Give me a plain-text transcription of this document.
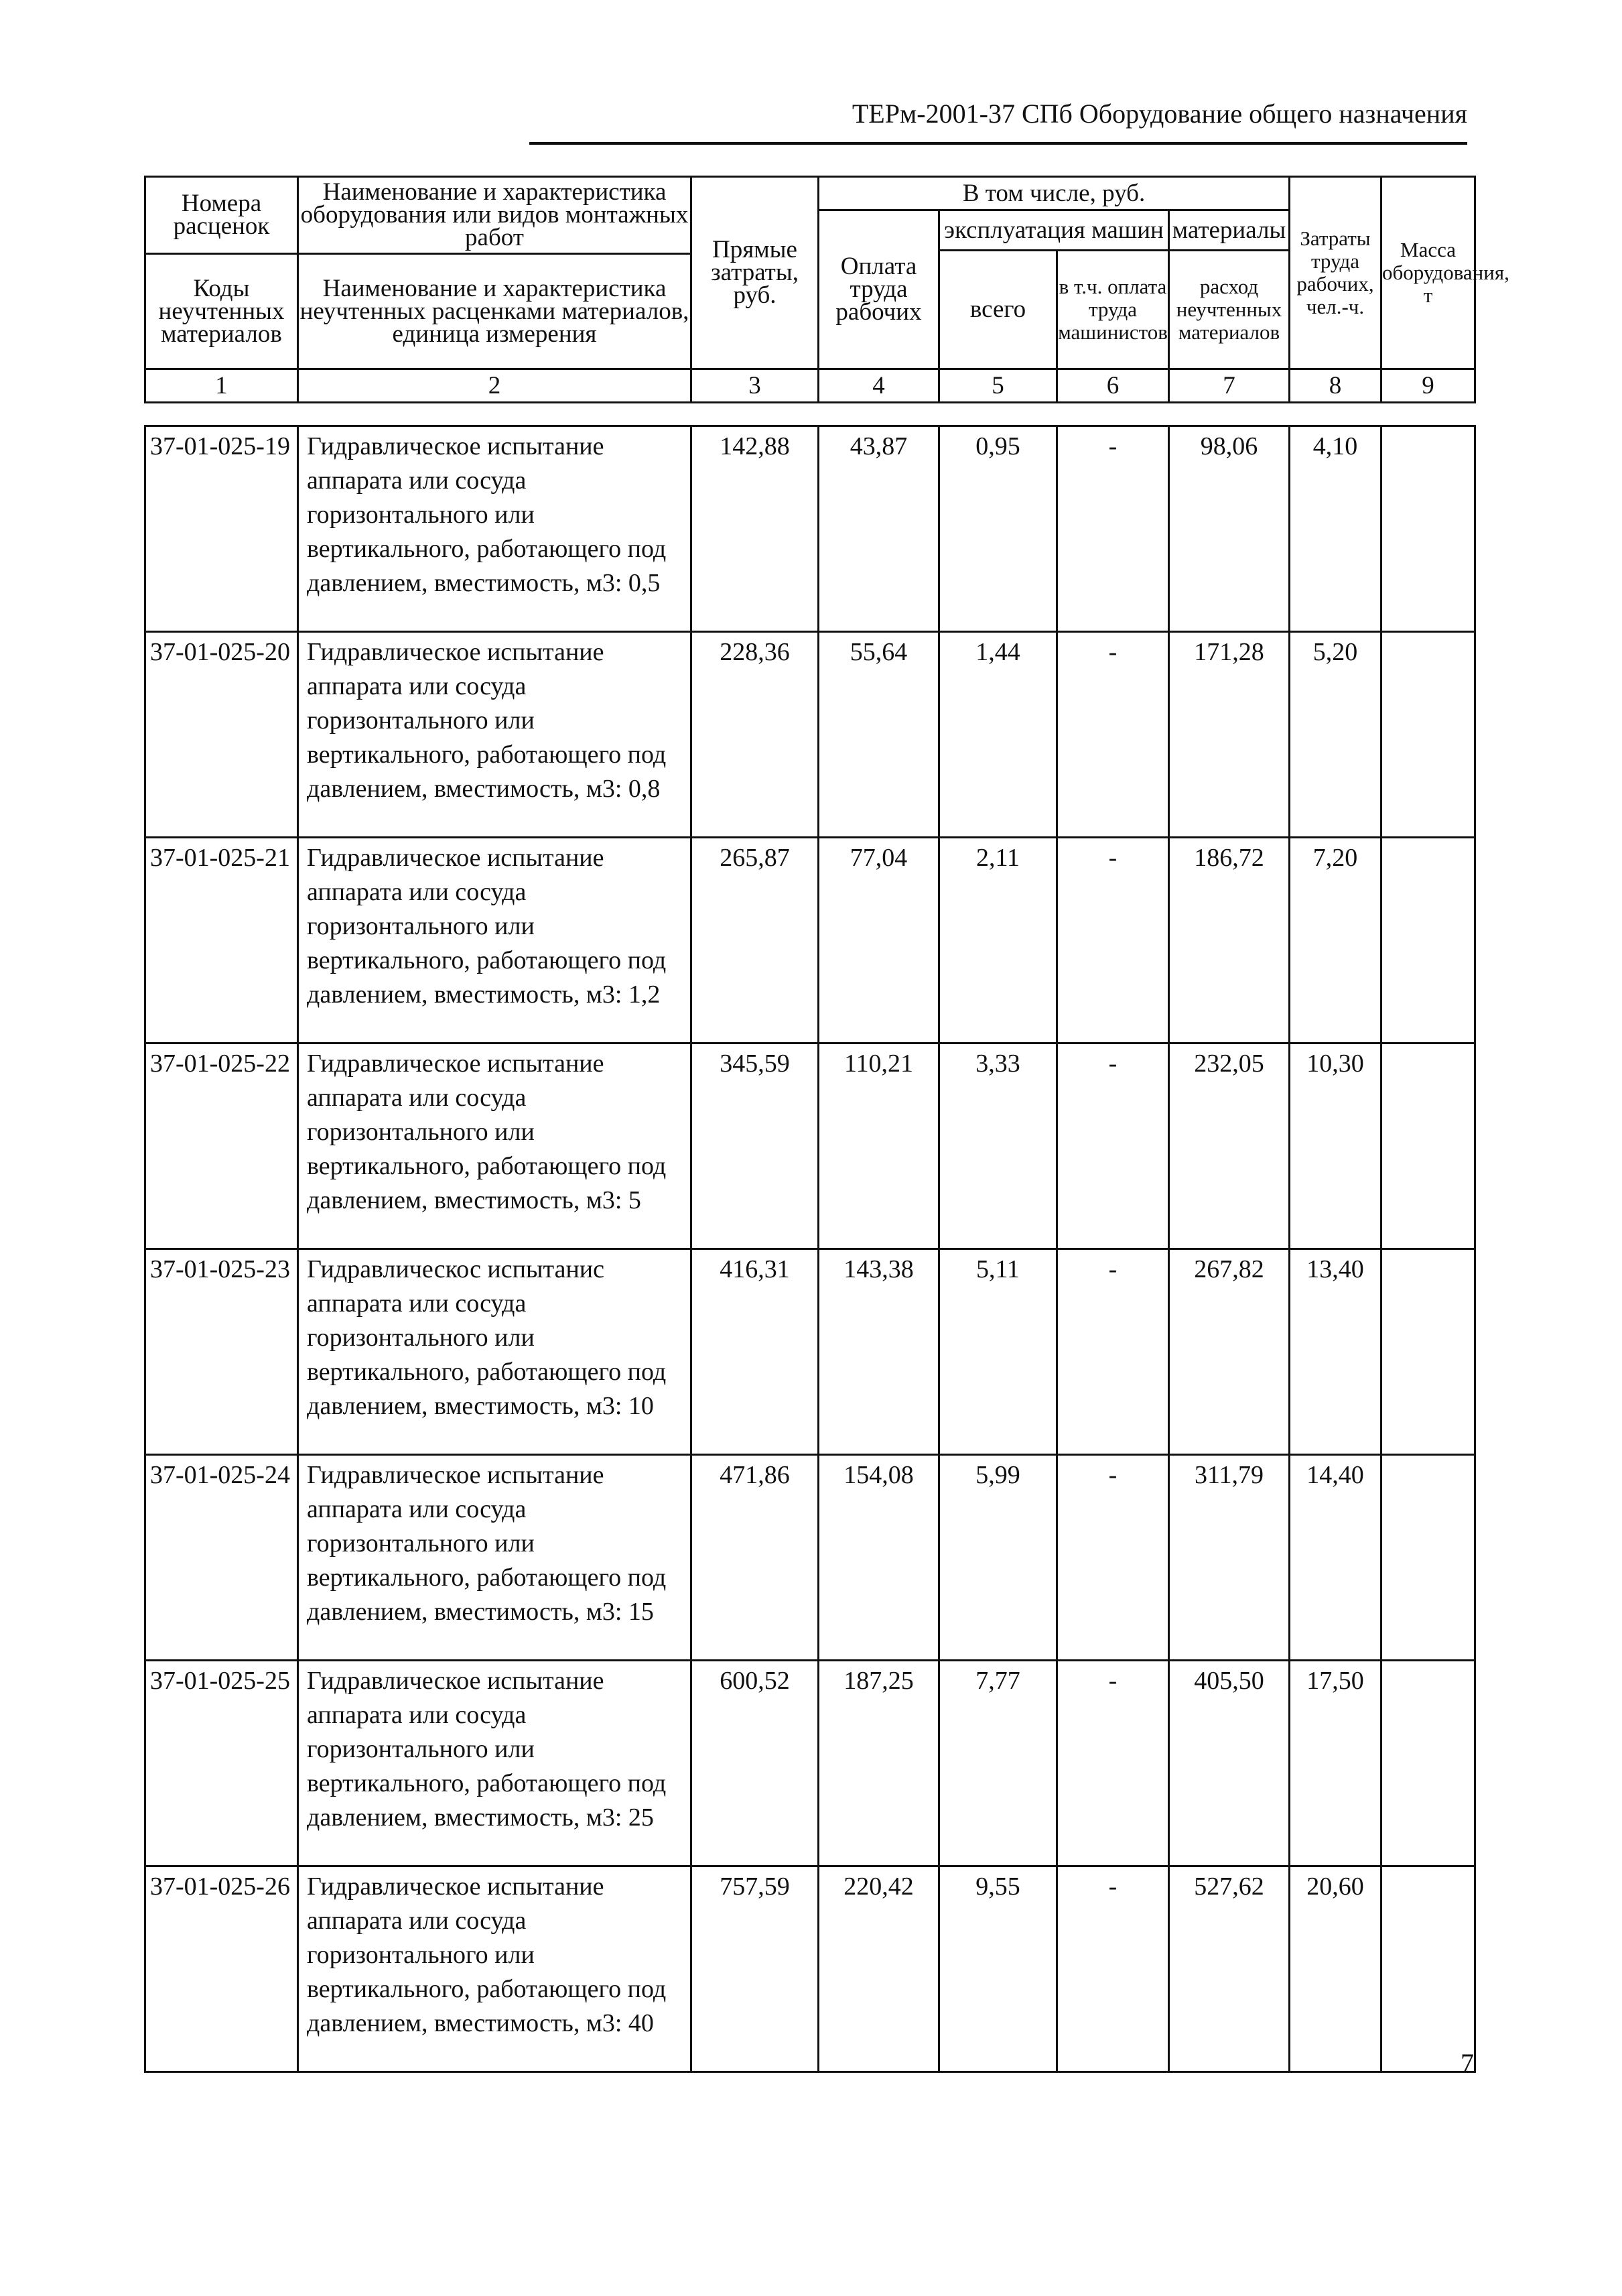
ТЕРм-2001-37 СПб Оборудование общего назначения
Номера расценок	Наименование и характеристика оборудования или видов монтажных работ	Прямые затраты, руб.	В том числе, руб.				Затраты труда рабочих, чел.-ч.	Масса оборудования, т
			Оплата труда рабочих	эксплуатация машин		материалы		
				всего	в т.ч. оплата труда машинистов	расход неучтенных материалов		
Коды неучтенных материалов	Наименование и характеристика неучтенных расценками материалов, единица измерения							

1	2	3	4	5	6	7	8	9
37-01-025-19	Гидравлическое испытание аппарата или сосуда горизонтального или вертикального, работающего под давлением, вместимость, м3: 0,5	142,88	43,87	0,95	-	98,06	4,10	
37-01-025-20	Гидравлическое испытание аппарата или сосуда горизонтального или вертикального, работающего под давлением, вместимость, м3: 0,8	228,36	55,64	1,44	-	171,28	5,20	
37-01-025-21	Гидравлическое испытание аппарата или сосуда горизонтального или вертикального, работающего под давлением, вместимость, м3: 1,2	265,87	77,04	2,11	-	186,72	7,20	
37-01-025-22	Гидравлическое испытание аппарата или сосуда горизонтального или вертикального, работающего под давлением, вместимость, м3: 5	345,59	110,21	3,33	-	232,05	10,30	
37-01-025-23	Гидравлическос испытанис аппарата или сосуда горизонтального или вертикального, работающего под давлением, вместимость, м3: 10	416,31	143,38	5,11	-	267,82	13,40	
37-01-025-24	Гидравлическое испытание аппарата или сосуда горизонтального или вертикального, работающего под давлением, вместимость, м3: 15	471,86	154,08	5,99	-	311,79	14,40	
37-01-025-25	Гидравлическое испытание аппарата или сосуда горизонтального или вертикального, работающего под давлением, вместимость, м3: 25	600,52	187,25	7,77	-	405,50	17,50	
37-01-025-26	Гидравлическое испытание аппарата или сосуда горизонтального или вертикального, работающего под давлением, вместимость, м3: 40	757,59	220,42	9,55	-	527,62	20,60	
7
